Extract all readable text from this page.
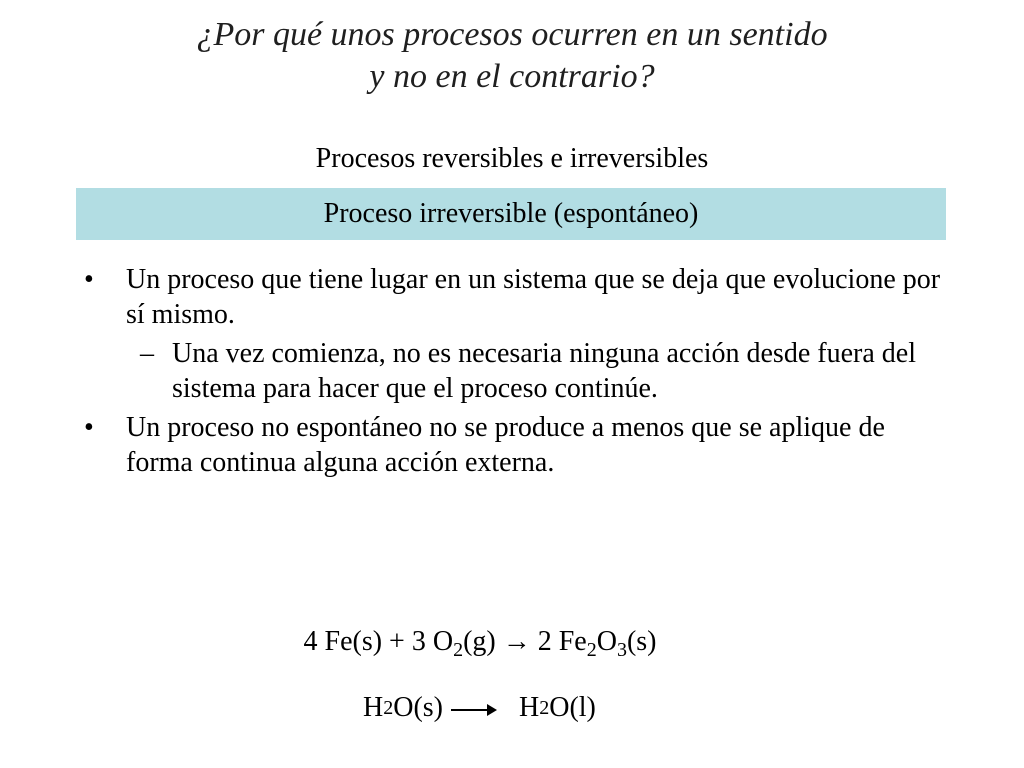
¿Por qué unos procesos ocurren en un sentido
y no en el contrario?
Procesos reversibles e irreversibles
Proceso irreversible (espontáneo)
•	Un proceso que tiene lugar en un sistema que se deja que evolucione por sí mismo.
– Una vez comienza, no es necesaria ninguna acción desde fuera del sistema para hacer que el proceso continúe.
•	Un proceso no espontáneo no se produce a menos que se aplique de forma continua alguna acción externa.
4 Fe(s) + 3 $O_2(g) \to 2$ $Fe_2O_3(s)$
H 2 O(s) → H 2 O(l)
